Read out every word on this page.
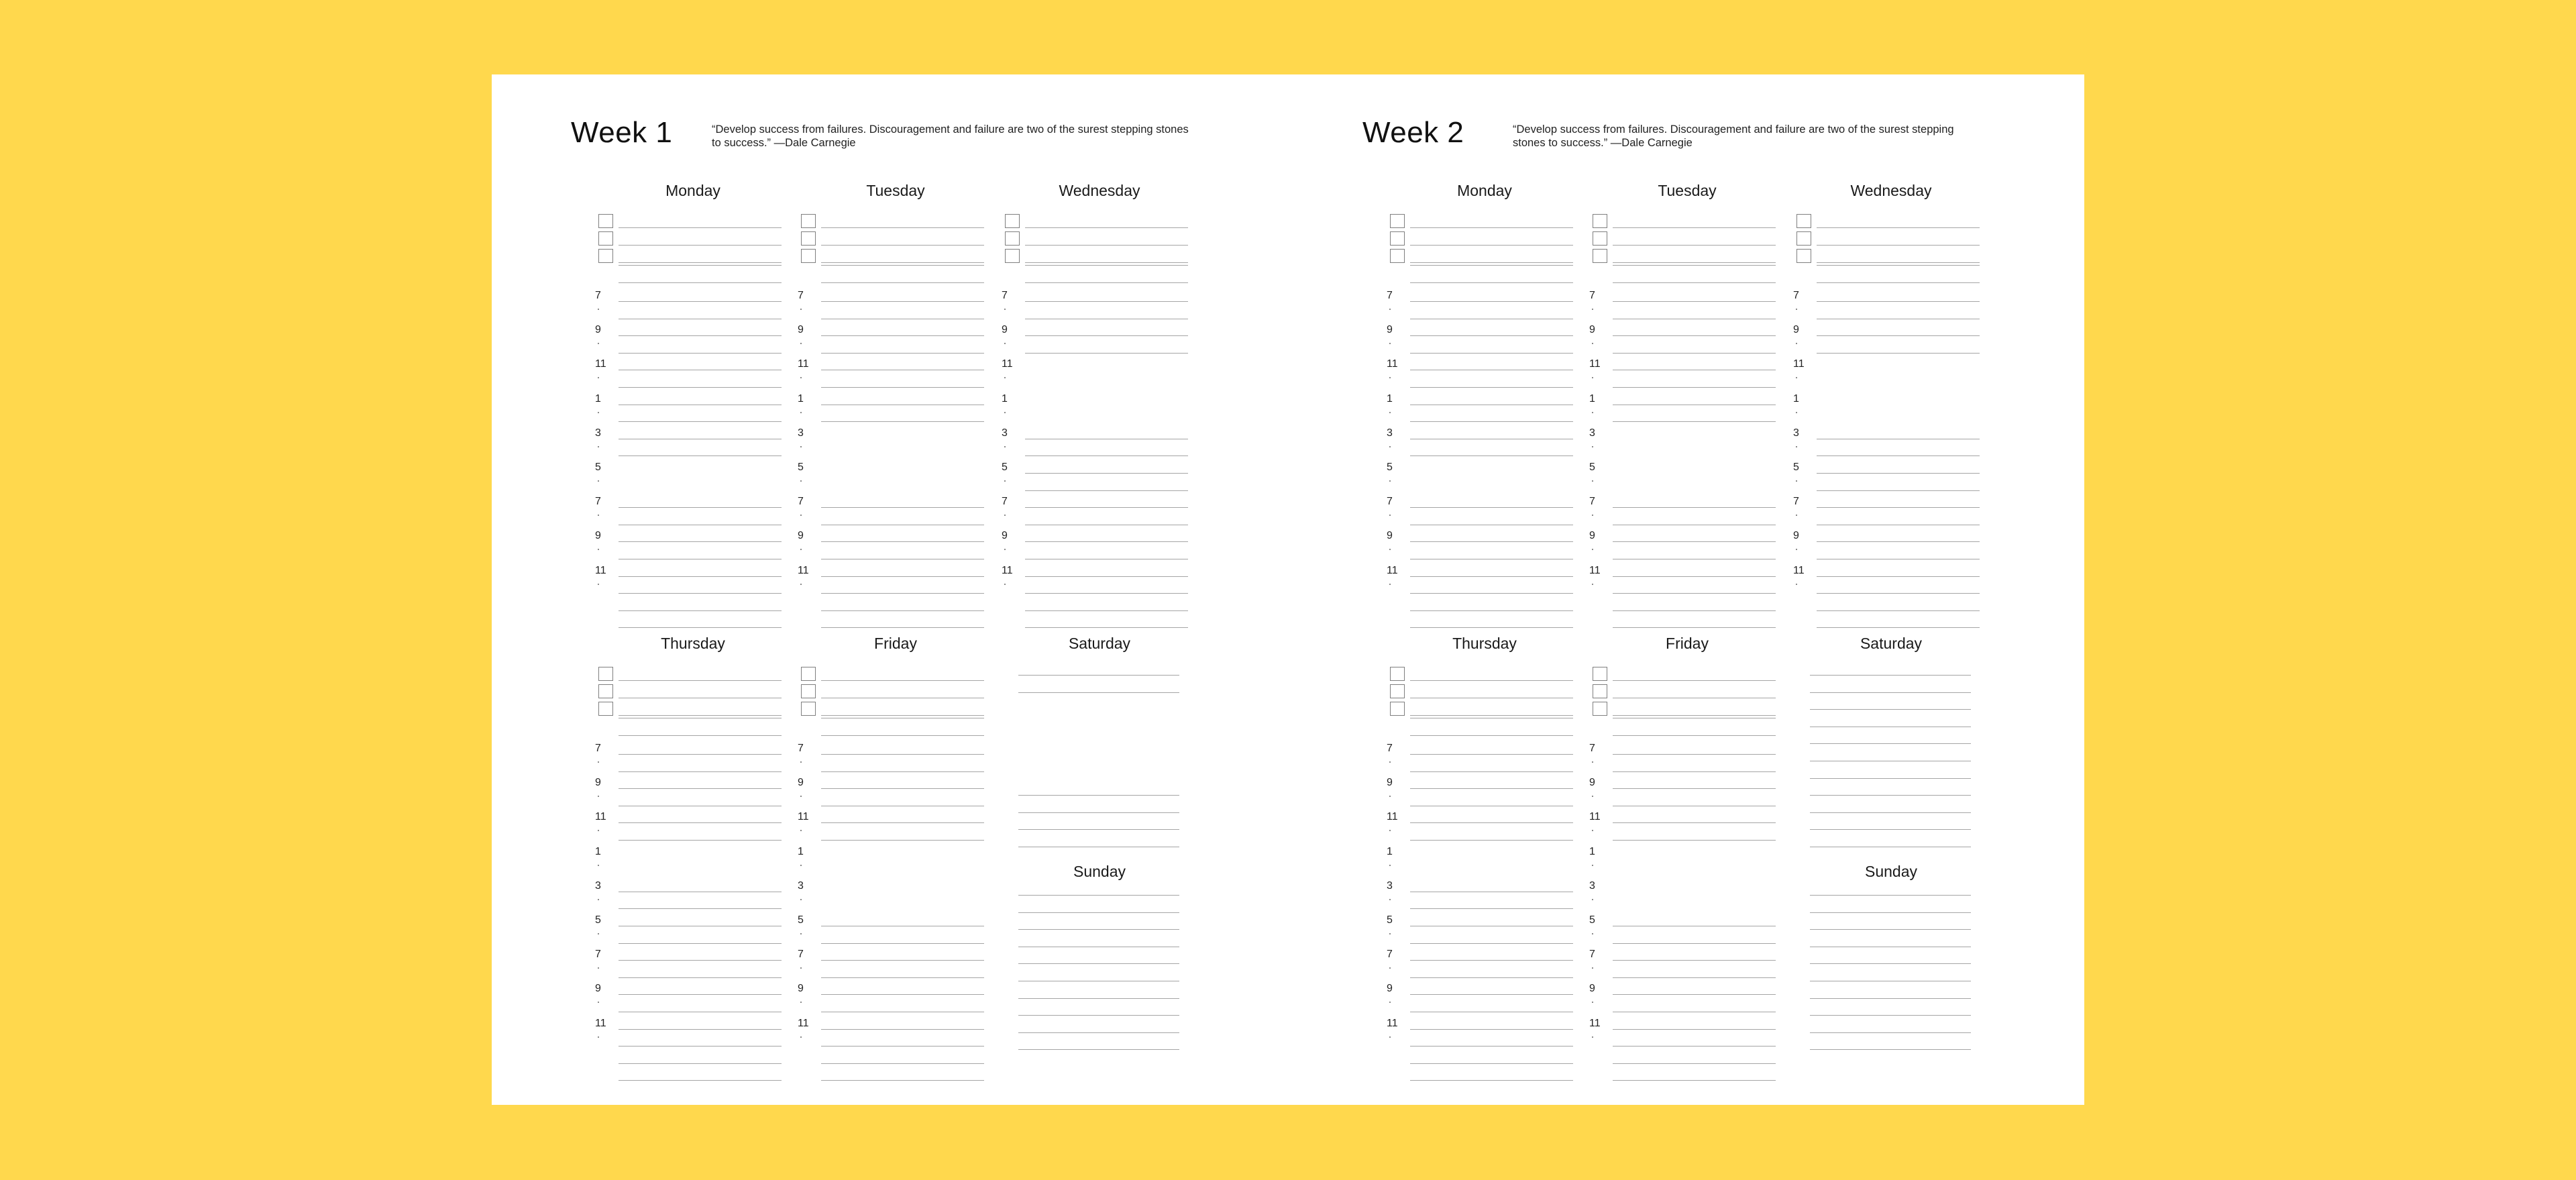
Week 1	“Develop success from failures. Discouragement and failure are two of the surest stepping stones to success.” —Dale Carnegie

Monday
7
9
11
1
3
5
7
9
11
Tuesday
7
9
11
1
3
5
7
9
11
Wednesday
7
9
11
1
3
5
7
9
11
Thursday
7
9
11
1
3
5
7
9
11
Friday
7
9
11
1
3
5
7
9
11
Saturday
Sunday
Week 2	“Develop success from failures. Discouragement and failure are two of the surest stepping stones to success.” —Dale Carnegie

Monday
7
9
11
1
3
5
7
9
11
Tuesday
7
9
11
1
3
5
7
9
11
Wednesday
7
9
11
1
3
5
7
9
11
Thursday
7
9
11
1
3
5
7
9
11
Friday
7
9
11
1
3
5
7
9
11
Saturday
Sunday
